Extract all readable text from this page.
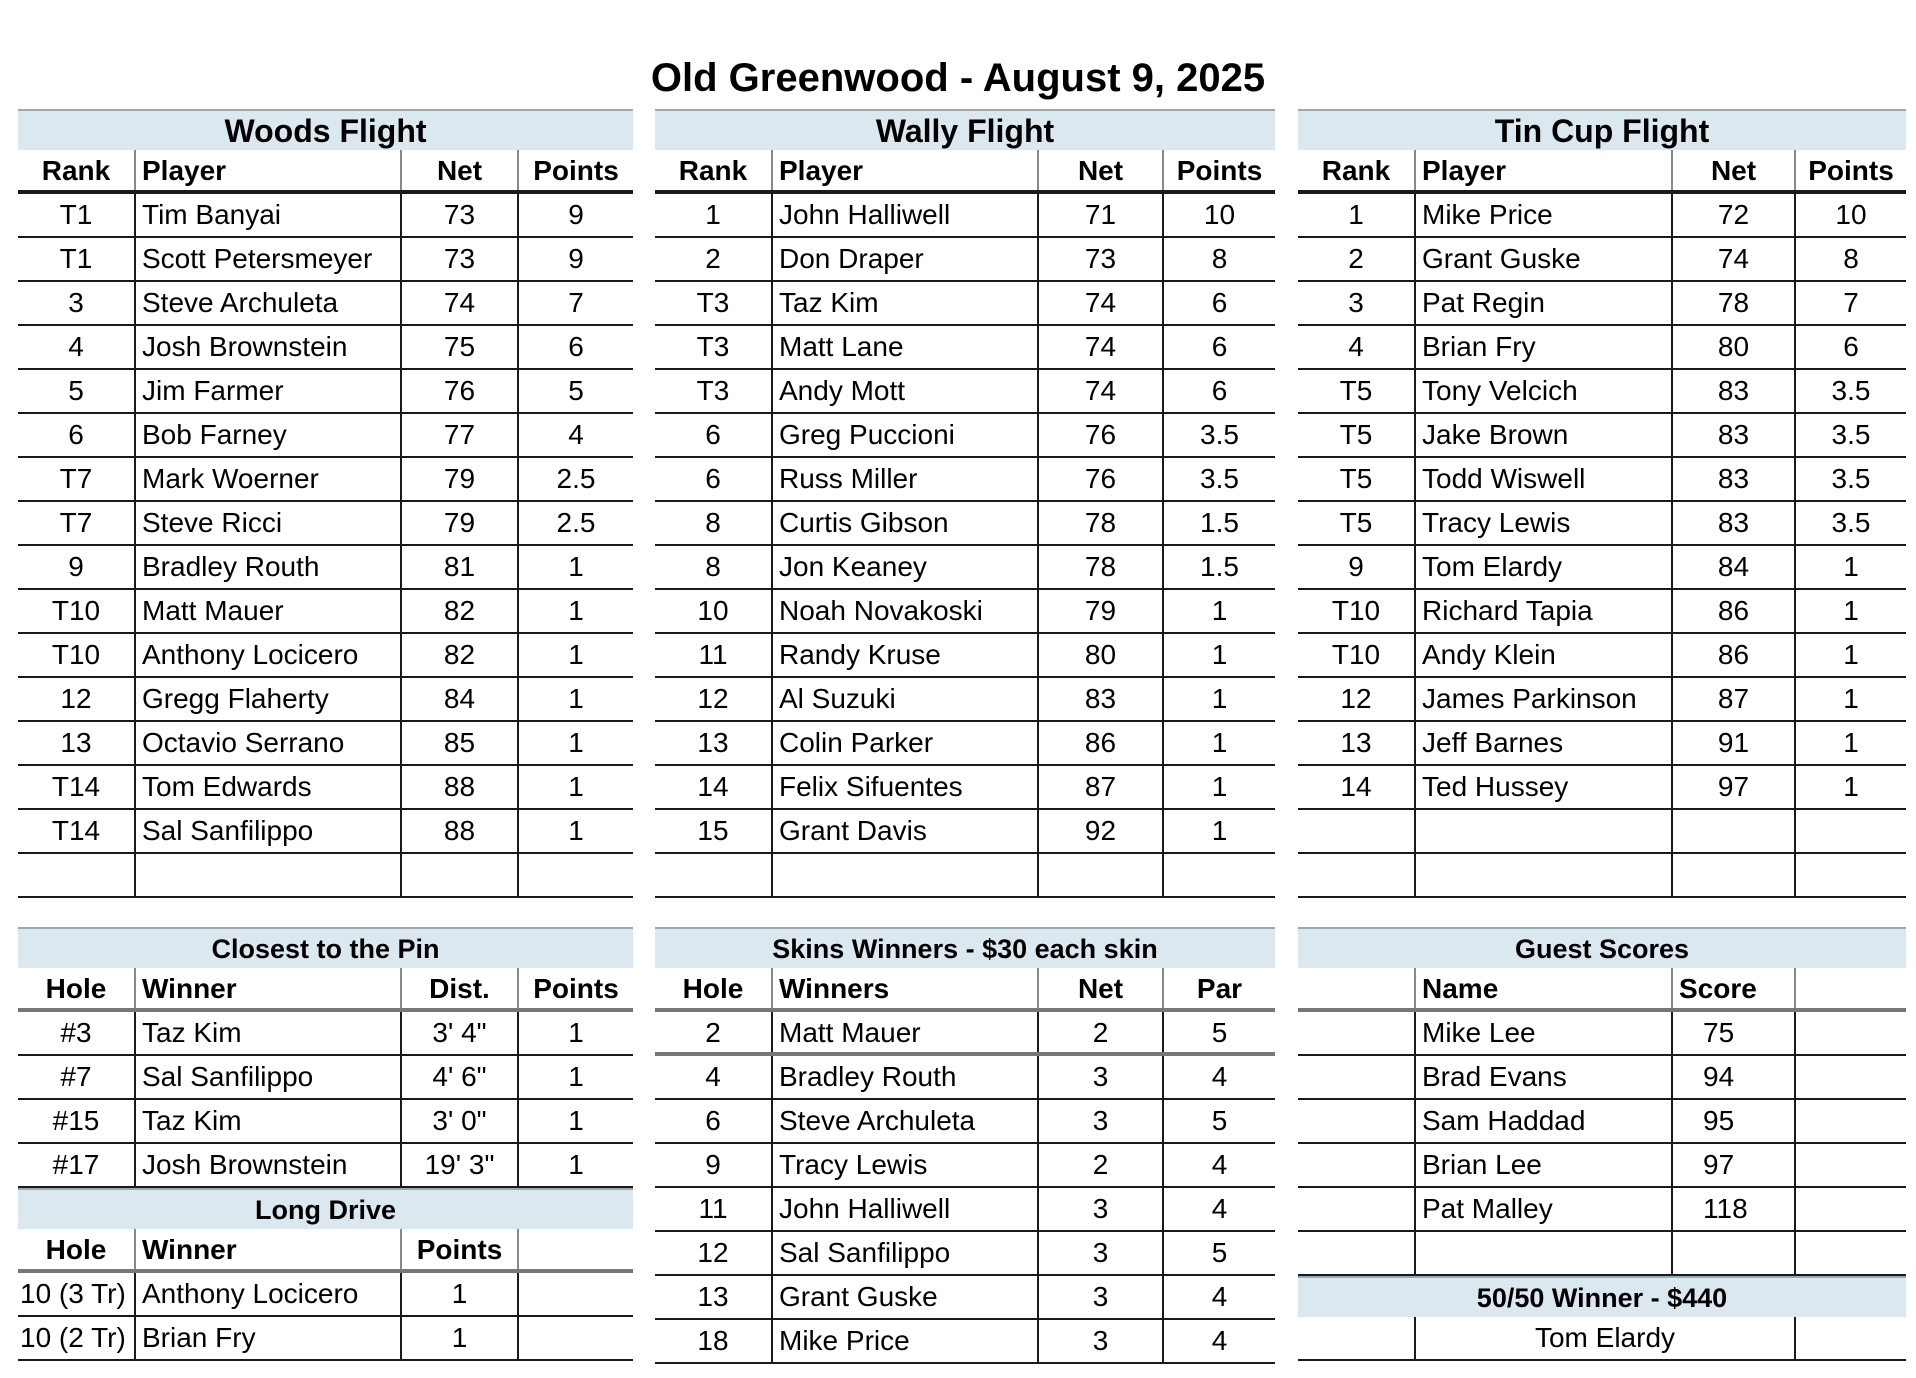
Old Greenwood - August 9, 2025
Woods Flight
Rank	Player	Net	Points
T1	Tim Banyai	73	9
T1	Scott Petersmeyer	73	9
3	Steve Archuleta	74	7
4	Josh Brownstein	75	6
5	Jim Farmer	76	5
6	Bob Farney	77	4
T7	Mark Woerner	79	2.5
T7	Steve Ricci	79	2.5
9	Bradley Routh	81	1
T10	Matt Mauer	82	1
T10	Anthony Locicero	82	1
12	Gregg Flaherty	84	1
13	Octavio Serrano	85	1
T14	Tom Edwards	88	1
T14	Sal Sanfilippo	88	1
Wally Flight
Rank	Player	Net	Points
1	John Halliwell	71	10
2	Don Draper	73	8
T3	Taz Kim	74	6
T3	Matt Lane	74	6
T3	Andy Mott	74	6
6	Greg Puccioni	76	3.5
6	Russ Miller	76	3.5
8	Curtis Gibson	78	1.5
8	Jon Keaney	78	1.5
10	Noah Novakoski	79	1
11	Randy Kruse	80	1
12	Al Suzuki	83	1
13	Colin Parker	86	1
14	Felix Sifuentes	87	1
15	Grant Davis	92	1
Tin Cup Flight
Rank	Player	Net	Points
1	Mike Price	72	10
2	Grant Guske	74	8
3	Pat Regin	78	7
4	Brian Fry	80	6
T5	Tony Velcich	83	3.5
T5	Jake Brown	83	3.5
T5	Todd Wiswell	83	3.5
T5	Tracy Lewis	83	3.5
9	Tom Elardy	84	1
T10	Richard Tapia	86	1
T10	Andy Klein	86	1
12	James Parkinson	87	1
13	Jeff Barnes	91	1
14	Ted Hussey	97	1
Closest to the Pin
Hole	Winner	Dist.	Points
#3	Taz Kim	3' 4"	1
#7	Sal Sanfilippo	4' 6"	1
#15	Taz Kim	3' 0"	1
#17	Josh Brownstein	19' 3"	1
Long Drive
Hole	Winner	Points
10 (3 Tr) Anthony Locicero	1
10 (2 Tr) Brian Fry	1
Skins Winners - $30 each skin
Hole	Winners	Net	Par
2	Matt Mauer	2	5
4	Bradley Routh	3	4
6	Steve Archuleta	3	5
9	Tracy Lewis	2	4
11	John Halliwell	3	4
12	Sal Sanfilippo	3	5
13	Grant Guske	3	4
18	Mike Price	3	4
Guest Scores
Name	Score
Mike Lee	75
Brad Evans	94
Sam Haddad	95
Brian Lee	97
Pat Malley	118
50/50 Winner - $440
Tom Elardy
